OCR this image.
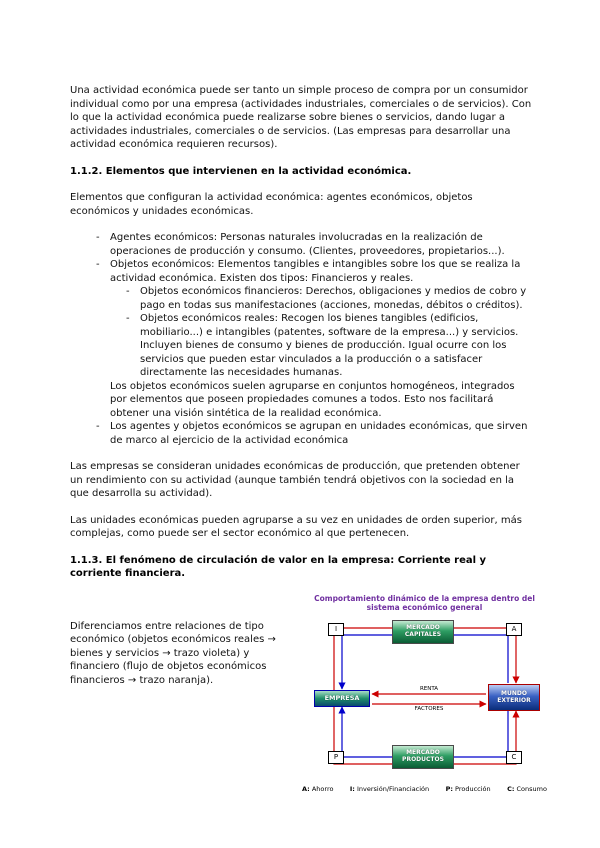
Una actividad económica puede ser tanto un simple proceso de compra por un consumidor individual como por una empresa (actividades industriales, comerciales o de servicios). Con lo que la actividad económica puede realizarse sobre bienes o servicios, dando lugar a actividades industriales, comerciales o de servicios. (Las empresas para desarrollar una actividad económica requieren recursos).

1.1.2. Elementos que intervienen en la actividad económica.

Elementos que configuran la actividad económica: agentes económicos, objetos económicos y unidades económicas.

-	Agentes económicos: Personas naturales involucradas en la realización de operaciones de producción y consumo. (Clientes, proveedores, propietarios...).
-	Objetos económicos: Elementos tangibles e intangibles sobre los que se realiza la actividad económica. Existen dos tipos: Financieros y reales.
-	Objetos económicos financieros: Derechos, obligaciones y medios de cobro y pago en todas sus manifestaciones (acciones, monedas, débitos o créditos).
-	Objetos económicos reales: Recogen los bienes tangibles (edificios, mobiliario...) e intangibles (patentes, software de la empresa...) y servicios. Incluyen bienes de consumo y bienes de producción. Igual ocurre con los servicios que pueden estar vinculados a la producción o a satisfacer directamente las necesidades humanas.
Los objetos económicos suelen agruparse en conjuntos homogéneos, integrados por elementos que poseen propiedades comunes a todos. Esto nos facilitará obtener una visión sintética de la realidad económica.
-	Los agentes y objetos económicos se agrupan en unidades económicas, que sirven de marco al ejercicio de la actividad económica

Las empresas se consideran unidades económicas de producción, que pretenden obtener un rendimiento con su actividad (aunque también tendrá objetivos con la sociedad en la que desarrolla su actividad).

Las unidades económicas pueden agruparse a su vez en unidades de orden superior, más complejas, como puede ser el sector económico al que pertenecen.

1.1.3. El fenómeno de circulación de valor en la empresa: Corriente real y corriente financiera.
Diferenciamos entre relaciones de tipo económico (objetos económicos reales → bienes y servicios → trazo violeta) y financiero (flujo de objetos económicos financieros → trazo naranja).
Comportamiento dinámico de la empresa dentro del sistema económico general
I	MERCADO CAPITALES
A
EMPRESA
RENTA
FACTORES
MUNDO EXTERIOR
P
MERCADO PRODUCTOS	C
A: Ahorro	I: Inversión/Financiación	P: Producción	C: Consumo
